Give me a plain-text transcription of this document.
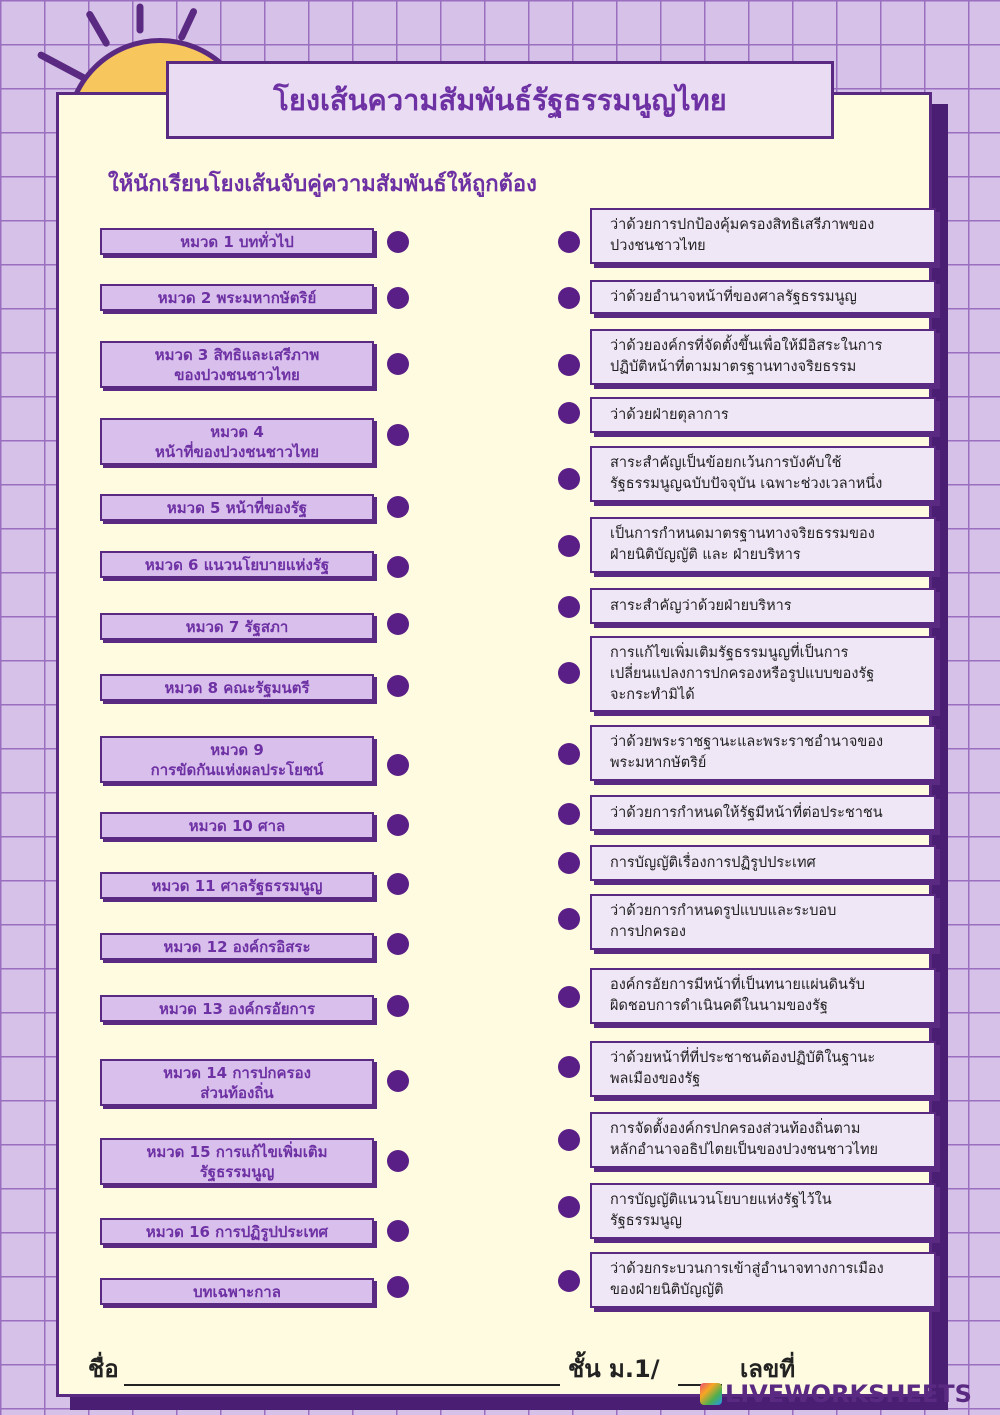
โยงเส้นความสัมพันธ์รัฐธรรมนูญไทย
ให้นักเรียนโยงเส้นจับคู่ความสัมพันธ์ให้ถูกต้อง
หมวด 1 บททั่วไป
หมวด 2 พระมหากษัตริย์
หมวด 3 สิทธิและเสรีภาพ
ของปวงชนชาวไทย
หมวด 4
หน้าที่ของปวงชนชาวไทย
หมวด 5 หน้าที่ของรัฐ
หมวด 6 แนวนโยบายแห่งรัฐ
หมวด 7 รัฐสภา
หมวด 8 คณะรัฐมนตรี
หมวด 9
การขัดกันแห่งผลประโยชน์
หมวด 10 ศาล
หมวด 11 ศาลรัฐธรรมนูญ
หมวด 12 องค์กรอิสระ
หมวด 13 องค์กรอัยการ
หมวด 14 การปกครอง
ส่วนท้องถิ่น
หมวด 15 การแก้ไขเพิ่มเติม
รัฐธรรมนูญ
หมวด 16 การปฏิรูปประเทศ
บทเฉพาะกาล
ว่าด้วยการปกป้องคุ้มครองสิทธิเสรีภาพของ
ปวงชนชาวไทย
ว่าด้วยอำนาจหน้าที่ของศาลรัฐธรรมนูญ
ว่าด้วยองค์กรที่จัดตั้งขึ้นเพื่อให้มีอิสระในการ
ปฏิบัติหน้าที่ตามมาตรฐานทางจริยธรรม
ว่าด้วยฝ่ายตุลาการ
สาระสำคัญเป็นข้อยกเว้นการบังคับใช้
รัฐธรรมนูญฉบับปัจจุบัน เฉพาะช่วงเวลาหนึ่ง
เป็นการกำหนดมาตรฐานทางจริยธรรมของ
ฝ่ายนิติบัญญัติ และ ฝ่ายบริหาร
สาระสำคัญว่าด้วยฝ่ายบริหาร
การแก้ไขเพิ่มเติมรัฐธรรมนูญที่เป็นการ
เปลี่ยนแปลงการปกครองหรือรูปแบบของรัฐ
จะกระทำมิได้
ว่าด้วยพระราชฐานะและพระราชอำนาจของ
พระมหากษัตริย์
ว่าด้วยการกำหนดให้รัฐมีหน้าที่ต่อประชาชน
การบัญญัติเรื่องการปฏิรูปประเทศ
ว่าด้วยการกำหนดรูปแบบและระบอบ
การปกครอง
องค์กรอัยการมีหน้าที่เป็นทนายแผ่นดินรับ
ผิดชอบการดำเนินคดีในนามของรัฐ
ว่าด้วยหน้าที่ที่ประชาชนต้องปฏิบัติในฐานะ
พลเมืองของรัฐ
การจัดตั้งองค์กรปกครองส่วนท้องถิ่นตาม
หลักอำนาจอธิปไตยเป็นของปวงชนชาวไทย
การบัญญัติแนวนโยบายแห่งรัฐไว้ใน
รัฐธรรมนูญ
ว่าด้วยกระบวนการเข้าสู่อำนาจทางการเมือง
ของฝ่ายนิติบัญญัติ
ชื่อ	ชั้น ม.1/	เลขที่
LIVEWORKSHEETS
